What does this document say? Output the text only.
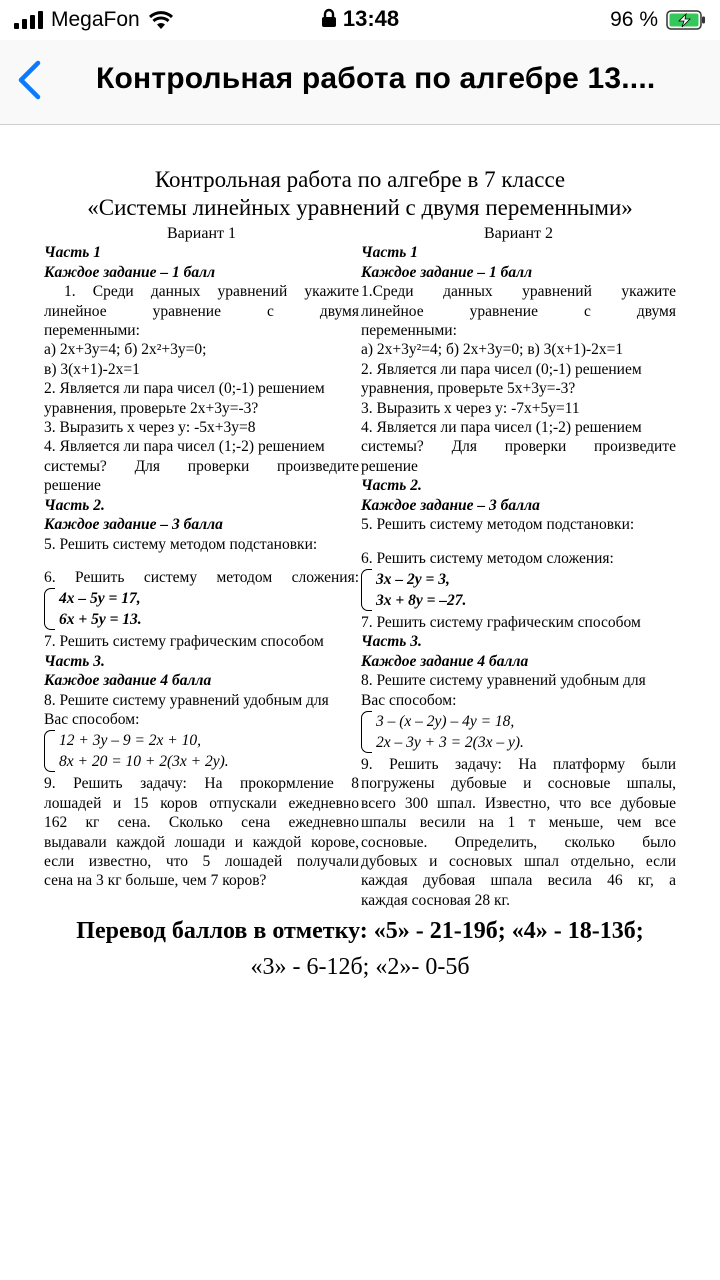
MegaFon	13:48	96 %
Контрольная работа по алгебре 13....
Контрольная работа по алгебре в 7 классе
«Системы линейных уравнений с двумя переменными»
Вариант 1
Часть 1
Каждое задание – 1 балл
1. Среди данных уравнений укажите
линейное уравнение с двумя
переменными:
а) 2x+3y=4; б) 2x²+3y=0;
в) 3(x+1)-2x=1
2. Является ли пара чисел (0;-1) решением
уравнения, проверьте 2x+3y=-3?
3. Выразить x через y: -5x+3y=8
4. Является ли пара чисел (1;-2) решением
системы? Для проверки произведите
решение
Часть 2.
Каждое задание – 3 балла
5. Решить систему методом подстановки:
6. Решить систему методом сложения:
4x – 5y = 17,
6x + 5y = 13.
7. Решить систему графическим способом
Часть 3.
Каждое задание 4 балла
8. Решите систему уравнений удобным для
Вас способом:
12 + 3y – 9 = 2x + 10,
8x + 20 = 10 + 2(3x + 2y).
9. Решить задачу: На прокормление 8
лошадей и 15 коров отпускали ежедневно
162 кг сена. Сколько сена ежедневно
выдавали каждой лошади и каждой корове,
если известно, что 5 лошадей получали
сена на 3 кг больше, чем 7 коров?
Вариант 2
Часть 1
Каждое задание – 1 балл
1.Среди данных уравнений укажите
линейное уравнение с двумя
переменными:
а) 2x+3y²=4; б) 2x+3y=0; в) 3(x+1)-2x=1
2. Является ли пара чисел (0;-1) решением
уравнения, проверьте 5x+3y=-3?
3. Выразить x через y: -7x+5y=11
4. Является ли пара чисел (1;-2) решением
системы? Для проверки произведите
решение
Часть 2.
Каждое задание – 3 балла
5. Решить систему методом подстановки:
6. Решить систему методом сложения:
3x – 2y = 3,
3x + 8y = –27.
7. Решить систему графическим способом
Часть 3.
Каждое задание 4 балла
8. Решите систему уравнений удобным для
Вас способом:
3 – (x – 2y) – 4y = 18,
2x – 3y + 3 = 2(3x – y).
9. Решить задачу: На платформу были
погружены дубовые и сосновые шпалы,
всего 300 шпал. Известно, что все дубовые
шпалы весили на 1 т меньше, чем все
сосновые. Определить, сколько было
дубовых и сосновых шпал отдельно, если
каждая дубовая шпала весила 46 кг, а
каждая сосновая 28 кг.
Перевод баллов в отметку: «5» - 21-19б; «4» - 18-13б;
«3» - 6-12б; «2»- 0-5б
